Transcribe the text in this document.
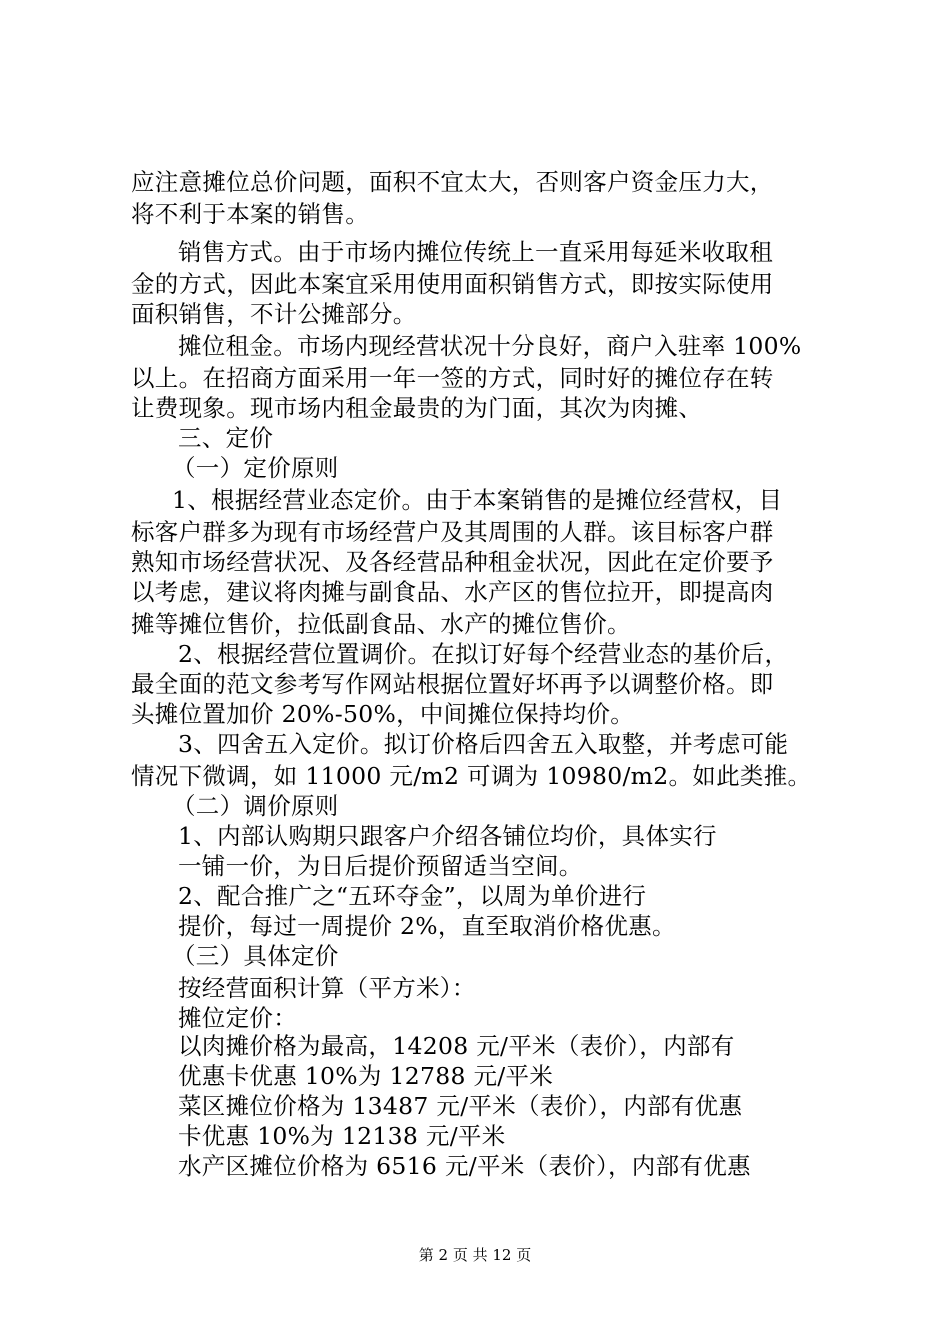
应注意摊位总价问题，面积不宜太大，否则客户资金压力大，
将不利于本案的销售。
销售方式。由于市场内摊位传统上一直采用每延米收取租
金的方式，因此本案宜采用使用面积销售方式，即按实际使用
面积销售，不计公摊部分。
摊位租金。市场内现经营状况十分良好，商户入驻率 100%
以上。在招商方面采用一年一签的方式，同时好的摊位存在转
让费现象。现市场内租金最贵的为门面，其次为肉摊、
三、定价
（一）定价原则
1、根据经营业态定价。由于本案销售的是摊位经营权，目
标客户群多为现有市场经营户及其周围的人群。该目标客户群
熟知市场经营状况、及各经营品种租金状况，因此在定价要予
以考虑，建议将肉摊与副食品、水产区的售位拉开，即提高肉
摊等摊位售价，拉低副食品、水产的摊位售价。
2、根据经营位置调价。在拟订好每个经营业态的基价后，
最全面的范文参考写作网站根据位置好坏再予以调整价格。即
头摊位置加价 20%-50%，中间摊位保持均价。
3、四舍五入定价。拟订价格后四舍五入取整，并考虑可能
情况下微调，如 11000 元/m2 可调为 10980/m2。如此类推。
（二）调价原则
1、内部认购期只跟客户介绍各铺位均价，具体实行
一铺一价，为日后提价预留适当空间。
2、配合推广之“五环夺金”，以周为单价进行
提价，每过一周提价 2%，直至取消价格优惠。
（三）具体定价
按经营面积计算（平方米）：
摊位定价：
以肉摊价格为最高，14208 元/平米（表价），内部有
优惠卡优惠 10%为 12788 元/平米
菜区摊位价格为 13487 元/平米（表价），内部有优惠
卡优惠 10%为 12138 元/平米
水产区摊位价格为 6516 元/平米（表价），内部有优惠
第 2 页 共 12 页
